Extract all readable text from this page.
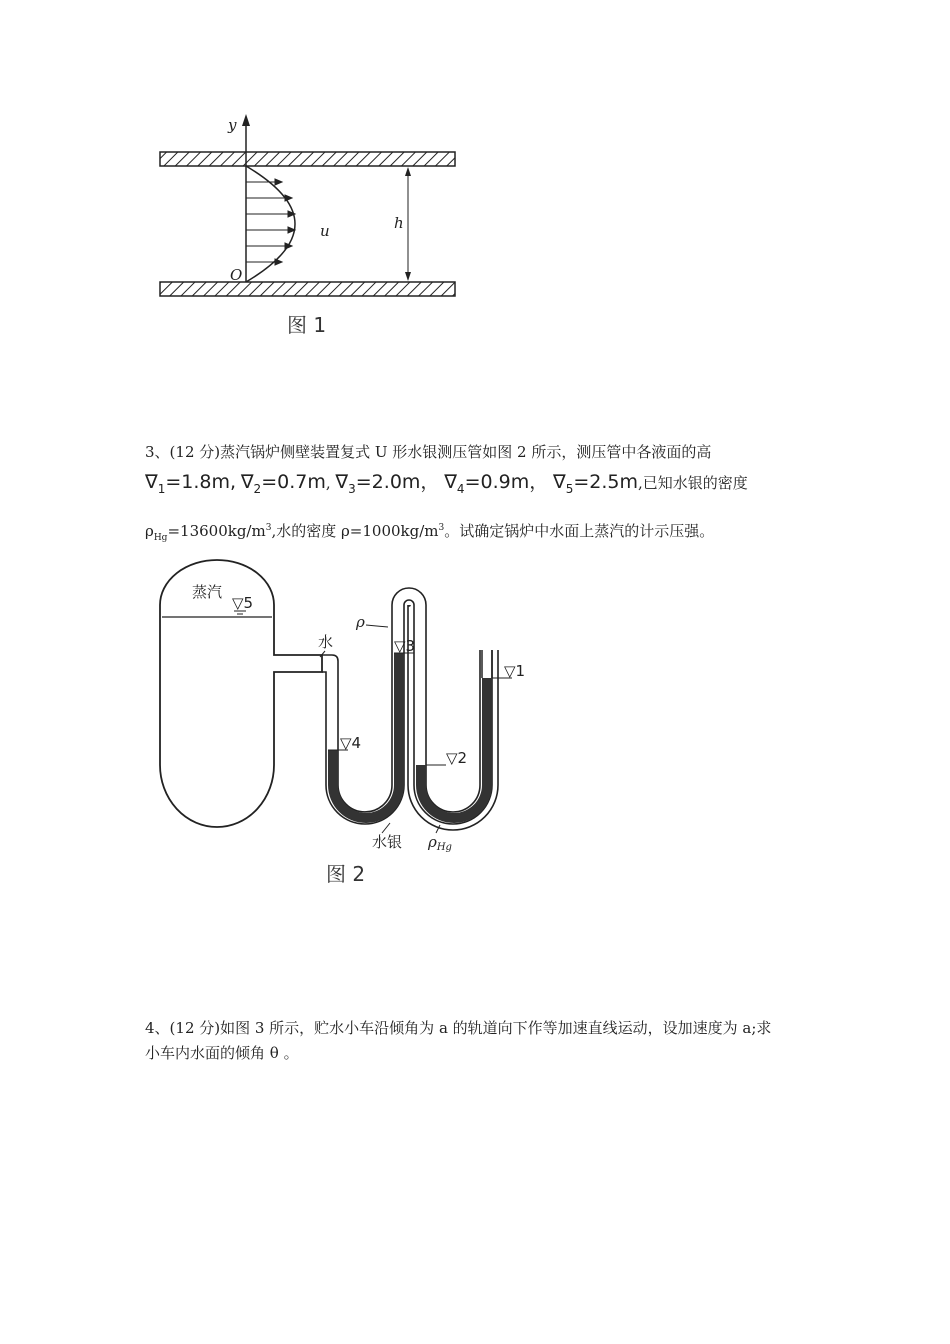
y
O
u	h
图 1
3、(12 分)蒸汽锅炉侧壁装置复式 U 形水银测压管如图 2 所示，测压管中各液面的高
$\nabla_1=1.8m$, $\nabla_2=0.7m$, $\nabla_3=2.0m$， $\nabla_4=0.9m$， $\nabla_5=2.5m$,已知水银的密度
$\rho_{Hg}=13600kg/m^3$,水的密度 $\rho=1000kg/m^3$。试确定锅炉中水面上蒸汽的计示压强。
蒸汽
▽5
▽1
▽2
▽3
▽4
水
ρ
水银 $\rho_{Hg}$
图 2
4、(12 分)如图 3 所示，贮水小车沿倾角为 a 的轨道向下作等加速直线运动，设加速度为 a;求
小车内水面的倾角 θ 。
